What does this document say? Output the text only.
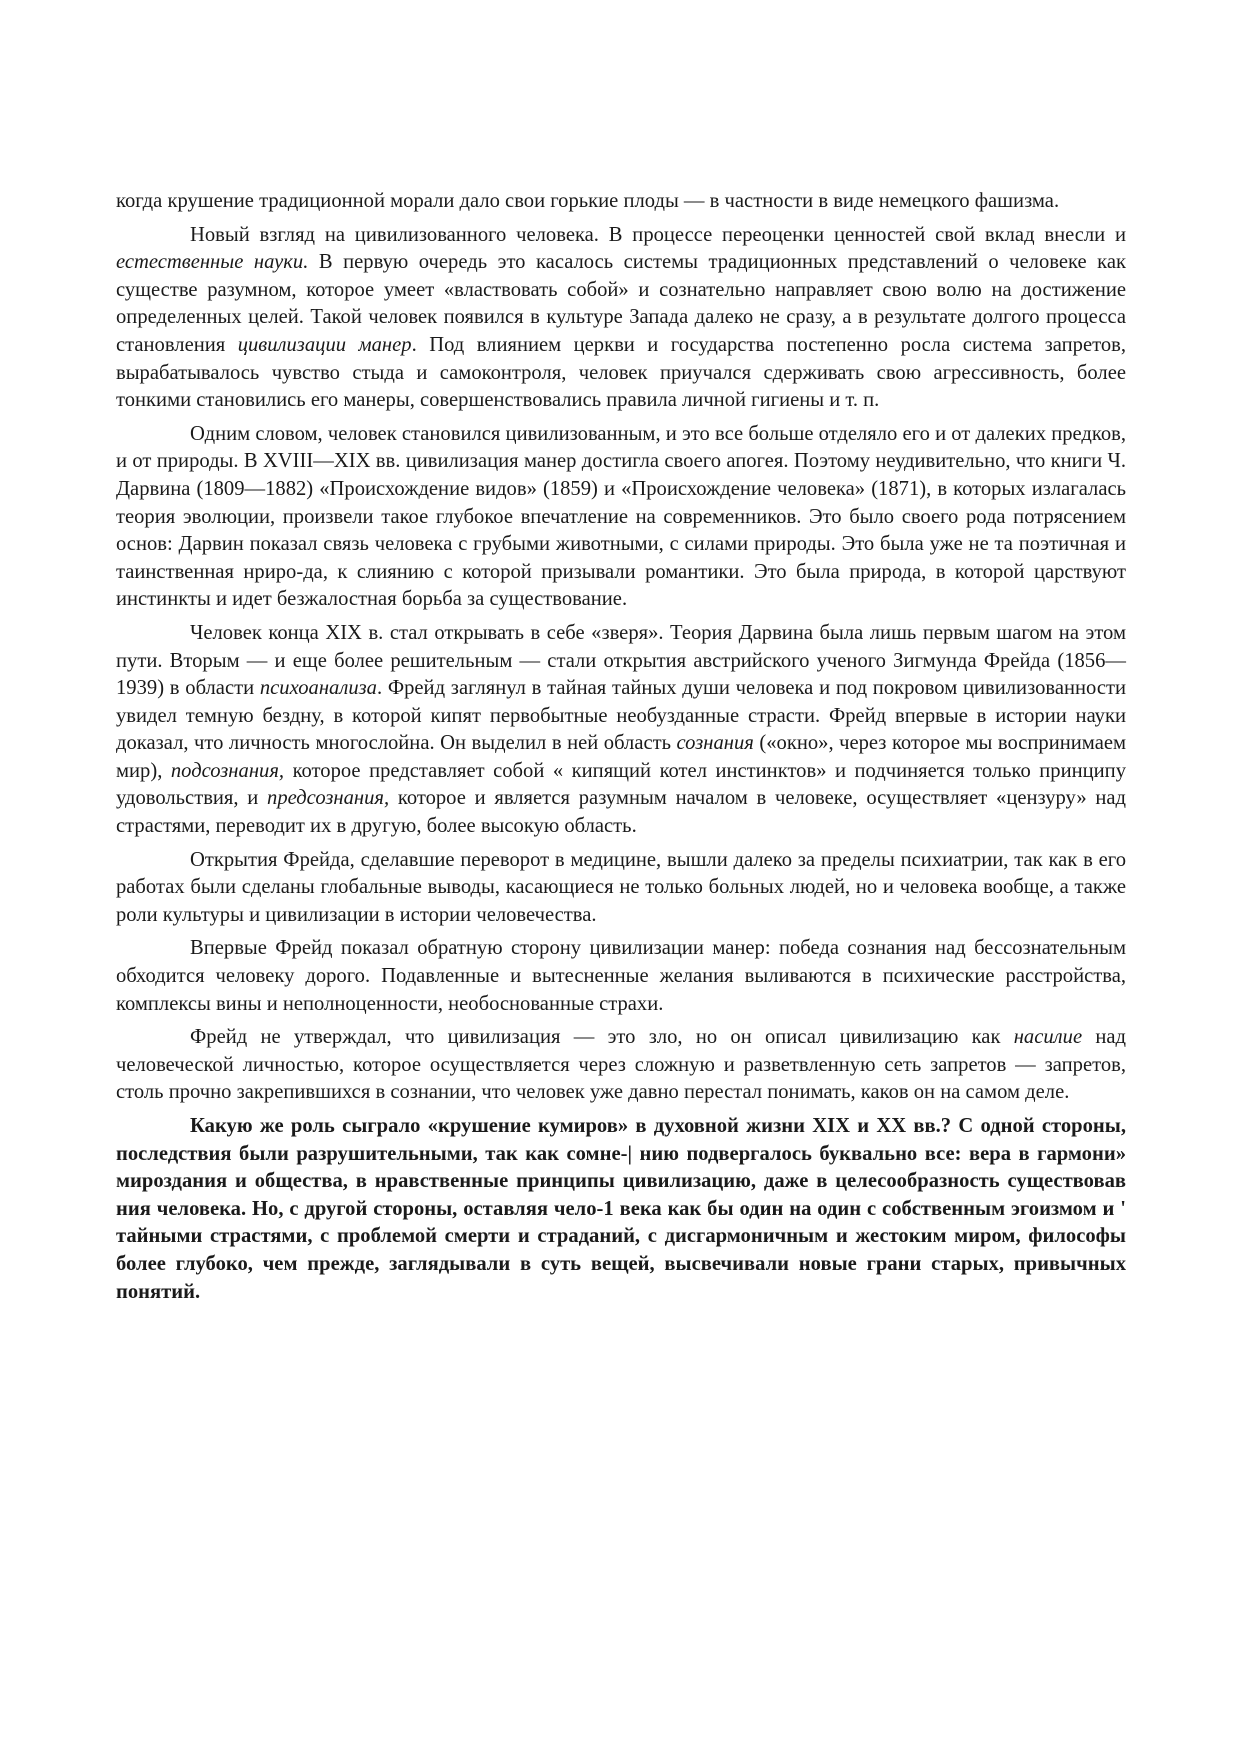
когда крушение традиционной морали дало свои горькие плоды — в частности в виде немецкого фашизма.

Новый взгляд на цивилизованного человека. В процессе переоценки ценностей свой вклад внесли и естественные науки. В первую очередь это касалось системы традиционных представлений о человеке как существе разумном, которое умеет «властвовать собой» и сознательно направляет свою волю на достижение определенных целей. Такой человек появился в культуре Запада далеко не сразу, а в результате долгого процесса становления цивилизации манер. Под влиянием церкви и государства постепенно росла система запретов, вырабатывалось чувство стыда и самоконтроля, человек приучался сдерживать свою агрессивность, более тонкими становились его манеры, совершенствовались правила личной гигиены и т. п.

Одним словом, человек становился цивилизованным, и это все больше отделяло его и от далеких предков, и от природы. В XVIII—XIX вв. цивилизация манер достигла своего апогея. Поэтому неудивительно, что книги Ч. Дарвина (1809—1882) «Происхождение видов» (1859) и «Происхождение человека» (1871), в которых излагалась теория эволюции, произвели такое глубокое впечатление на современников. Это было своего рода потрясением основ: Дарвин показал связь человека с грубыми животными, с силами природы. Это была уже не та поэтичная и таинственная нриро-да, к слиянию с которой призывали романтики. Это была природа, в которой царствуют инстинкты и идет безжалостная борьба за существование.

Человек конца XIX в. стал открывать в себе «зверя». Теория Дарвина была лишь первым шагом на этом пути. Вторым — и еще более решительным — стали открытия австрийского ученого Зигмунда Фрейда (1856—1939) в области психоанализа. Фрейд заглянул в тайная тайных души человека и под покровом цивилизованности увидел темную бездну, в которой кипят первобытные необузданные страсти. Фрейд впервые в истории науки доказал, что личность многослойна. Он выделил в ней область сознания («окно», через которое мы воспринимаем мир), подсознания, которое представляет собой « кипящий котел инстинктов» и подчиняется только принципу удовольствия, и предсознания, которое и является разумным началом в человеке, осуществляет «цензуру» над страстями, переводит их в другую, более высокую область.

Открытия Фрейда, сделавшие переворот в медицине, вышли далеко за пределы психиатрии, так как в его работах были сделаны глобальные выводы, касающиеся не только больных людей, но и человека вообще, а также роли культуры и цивилизации в истории человечества.

Впервые Фрейд показал обратную сторону цивилизации манер: победа сознания над бессознательным обходится человеку дорого. Подавленные и вытесненные желания выливаются в психические расстройства, комплексы вины и неполноценности, необоснованные страхи.

Фрейд не утверждал, что цивилизация — это зло, но он описал цивилизацию как насилие над человеческой личностью, которое осуществляется через сложную и разветвленную сеть запретов — запретов, столь прочно закрепившихся в сознании, что человек уже давно перестал понимать, каков он на самом деле.

Какую же роль сыграло «крушение кумиров» в духовной жизни XIX и XX вв.? С одной стороны, последствия были разрушительными, так как сомне-| нию подвергалось буквально все: вера в гармони» мироздания и общества, в нравственные принципы цивилизацию, даже в целесообразность существовав ния человека. Но, с другой стороны, оставляя чело-1 века как бы один на один с собственным эгоизмом и ' тайными страстями, с проблемой смерти и страданий, с дисгармоничным и жестоким миром, философы более глубоко, чем прежде, заглядывали в суть вещей, высвечивали новые грани старых, привычных понятий.
